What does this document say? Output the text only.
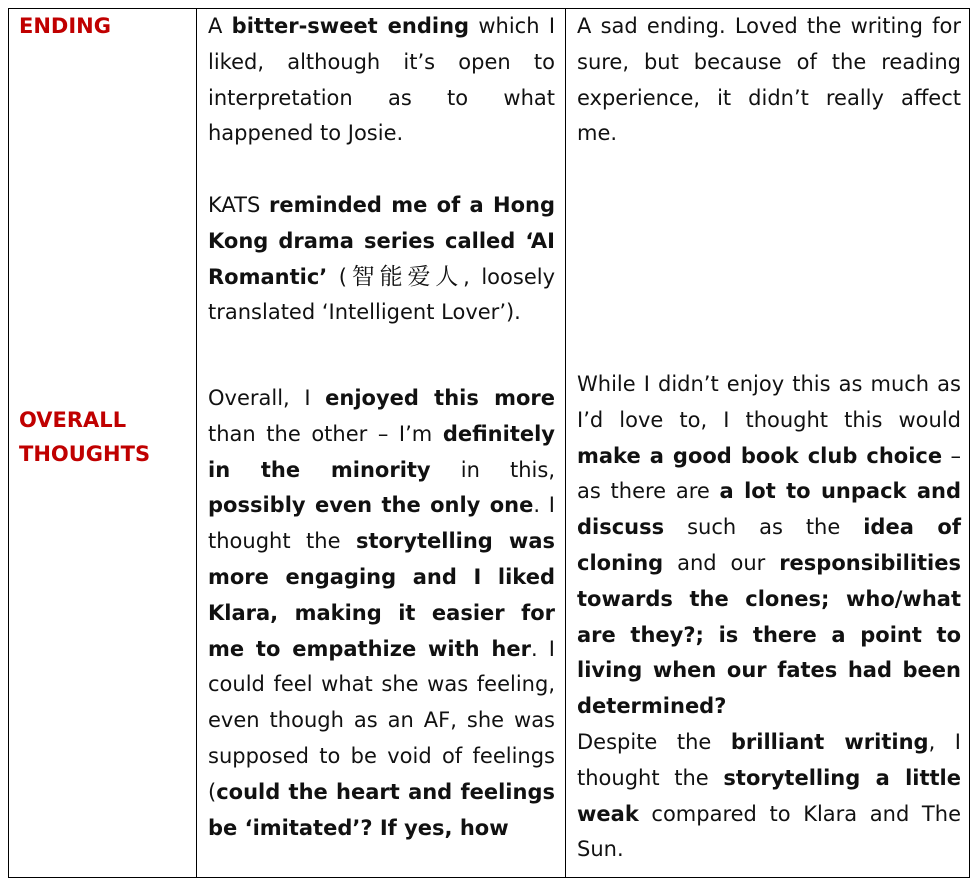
ENDING
OVERALL
THOUGHTS

A bitter-sweet ending which I liked, although it’s open to interpretation as to what happened to Josie.

KATS reminded me of a Hong Kong drama series called ‘AI Romantic’ (智能爱人, loosely translated ‘Intelligent Lover’).

Overall, I enjoyed this more than the other – I’m definitely in the minority in this, possibly even the only one. I thought the storytelling was more engaging and I liked Klara, making it easier for me to empathize with her. I could feel what she was feeling, even though as an AF, she was supposed to be void of feelings (could the heart and feelings be ‘imitated’? If yes, how

A sad ending. Loved the writing for sure, but because of the reading experience, it didn’t really affect me.

While I didn’t enjoy this as much as I’d love to, I thought this would make a good book club choice – as there are a lot to unpack and discuss such as the idea of cloning and our responsibilities towards the clones; who/what are they?; is there a point to living when our fates had been determined?

Despite the brilliant writing, I thought the storytelling a little weak compared to Klara and The Sun.
